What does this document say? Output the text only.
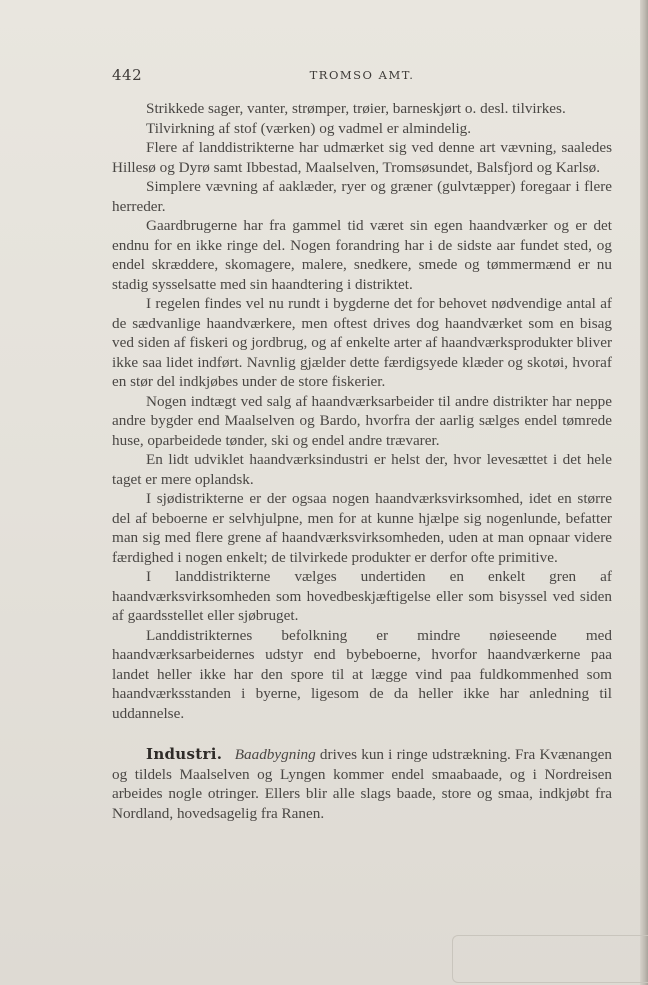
442	TROMSO AMT.

Strikkede sager, vanter, strømper, trøier, barneskjørt o. desl. tilvirkes.

Tilvirkning af stof (værken) og vadmel er almindelig.

Flere af landdistrikterne har udmærket sig ved denne art vævning, saaledes Hillesø og Dyrø samt Ibbestad, Maalselven, Tromsøsundet, Balsfjord og Karlsø.

Simplere vævning af aaklæder, ryer og græner (gulvtæpper) foregaar i flere herreder.

Gaardbrugerne har fra gammel tid været sin egen haandværker og er det endnu for en ikke ringe del. Nogen forandring har i de sidste aar fundet sted, og endel skræddere, skomagere, malere, snedkere, smede og tømmermænd er nu stadig sysselsatte med sin haandtering i distriktet.

I regelen findes vel nu rundt i bygderne det for behovet nødvendige antal af de sædvanlige haandværkere, men oftest drives dog haandværket som en bisag ved siden af fiskeri og jordbrug, og af enkelte arter af haandværksprodukter bliver ikke saa lidet indført. Navnlig gjælder dette færdigsyede klæder og skotøi, hvoraf en stør del indkjøbes under de store fiskerier.

Nogen indtægt ved salg af haandværksarbeider til andre distrikter har neppe andre bygder end Maalselven og Bardo, hvorfra der aarlig sælges endel tømrede huse, oparbeidede tønder, ski og endel andre trævarer.

En lidt udviklet haandværksindustri er helst der, hvor levesættet i det hele taget er mere oplandsk.

I sjødistrikterne er der ogsaa nogen haandværksvirksomhed, idet en større del af beboerne er selvhjulpne, men for at kunne hjælpe sig nogenlunde, befatter man sig med flere grene af haandværksvirksomheden, uden at man opnaar videre færdighed i nogen enkelt; de tilvirkede produkter er derfor ofte primitive.

I landdistrikterne vælges undertiden en enkelt gren af haandværksvirksomheden som hovedbeskjæftigelse eller som bisyssel ved siden af gaardsstellet eller sjøbruget.

Landdistrikternes befolkning er mindre nøieseende med haandværksarbeidernes udstyr end bybeboerne, hvorfor haandværkerne paa landet heller ikke har den spore til at lægge vind paa fuldkommenhed som haandværksstanden i byerne, ligesom de da heller ikke har anledning til uddannelse.

Industri. Baadbygning drives kun i ringe udstrækning. Fra Kvænangen og tildels Maalselven og Lyngen kommer endel smaabaade, og i Nordreisen arbeides nogle otringer. Ellers blir alle slags baade, store og smaa, indkjøbt fra Nordland, hovedsagelig fra Ranen.
